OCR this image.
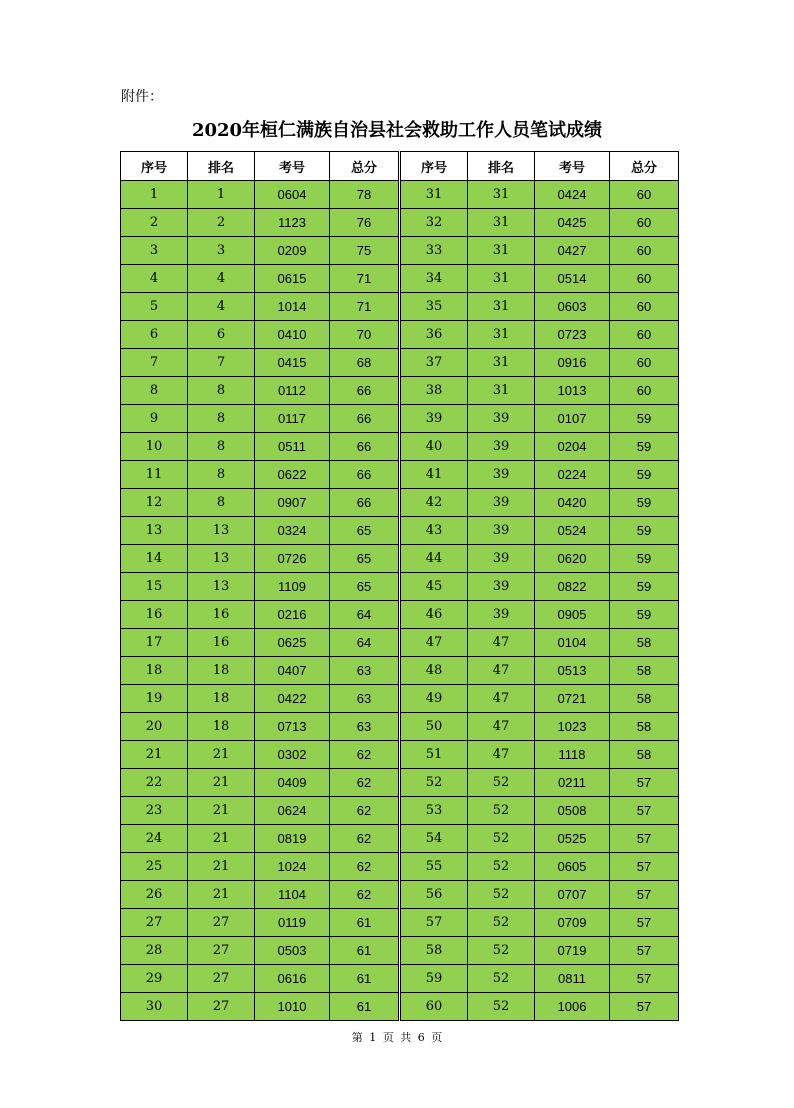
附件：
2020年桓仁满族自治县社会救助工作人员笔试成绩
序号	排名	考号	总分
1	1	0604	78
2	2	1123	76
3	3	0209	75
4	4	0615	71
5	4	1014	71
6	6	0410	70
7	7	0415	68
8	8	0112	66
9	8	0117	66
10	8	0511	66
11	8	0622	66
12	8	0907	66
13	13	0324	65
14	13	0726	65
15	13	1109	65
16	16	0216	64
17	16	0625	64
18	18	0407	63
19	18	0422	63
20	18	0713	63
21	21	0302	62
22	21	0409	62
23	21	0624	62
24	21	0819	62
25	21	1024	62
26	21	1104	62
27	27	0119	61
28	27	0503	61
29	27	0616	61
30	27	1010	61
序号	排名	考号	总分
31	31	0424	60
32	31	0425	60
33	31	0427	60
34	31	0514	60
35	31	0603	60
36	31	0723	60
37	31	0916	60
38	31	1013	60
39	39	0107	59
40	39	0204	59
41	39	0224	59
42	39	0420	59
43	39	0524	59
44	39	0620	59
45	39	0822	59
46	39	0905	59
47	47	0104	58
48	47	0513	58
49	47	0721	58
50	47	1023	58
51	47	1118	58
52	52	0211	57
53	52	0508	57
54	52	0525	57
55	52	0605	57
56	52	0707	57
57	52	0709	57
58	52	0719	57
59	52	0811	57
60	52	1006	57
第 1 页 共 6 页
